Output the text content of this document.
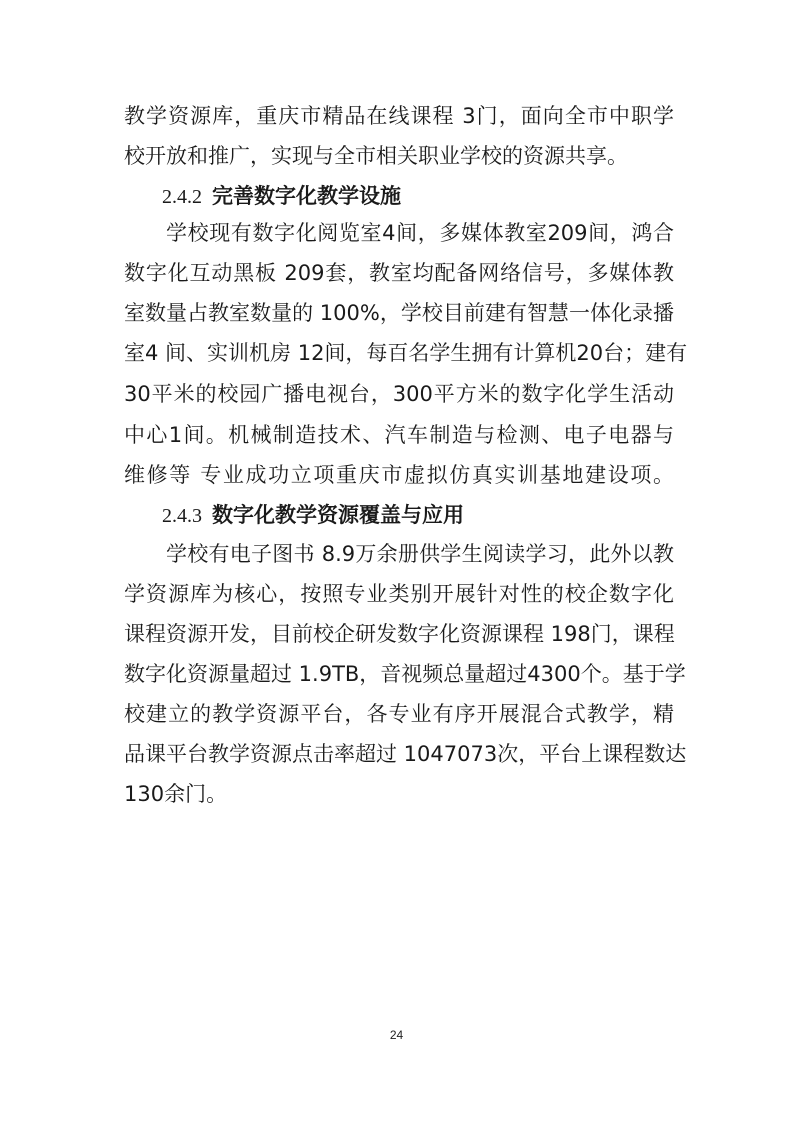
教学资源库，重庆市精品在线课程 3门，面向全市中职学
校开放和推广，实现与全市相关职业学校的资源共享。
2.4.2 完善数字化教学设施
学校现有数字化阅览室4间，多媒体教室209间，鸿合
数字化互动黑板 209套，教室均配备网络信号，多媒体教
室数量占教室数量的 100%，学校目前建有智慧一体化录播
室4 间、实训机房 12间，每百名学生拥有计算机20台；建有
30平米的校园广播电视台，300平方米的数字化学生活动
中心1间。机械制造技术、汽车制造与检测、电子电器与
维修等 专业成功立项重庆市虚拟仿真实训基地建设项。
2.4.3 数字化教学资源覆盖与应用
学校有电子图书 8.9万余册供学生阅读学习，此外以教
学资源库为核心，按照专业类别开展针对性的校企数字化
课程资源开发，目前校企研发数字化资源课程 198门，课程
数字化资源量超过 1.9TB，音视频总量超过4300个。基于学
校建立的教学资源平台，各专业有序开展混合式教学，精
品课平台教学资源点击率超过 1047073次，平台上课程数达
130余门。
24
